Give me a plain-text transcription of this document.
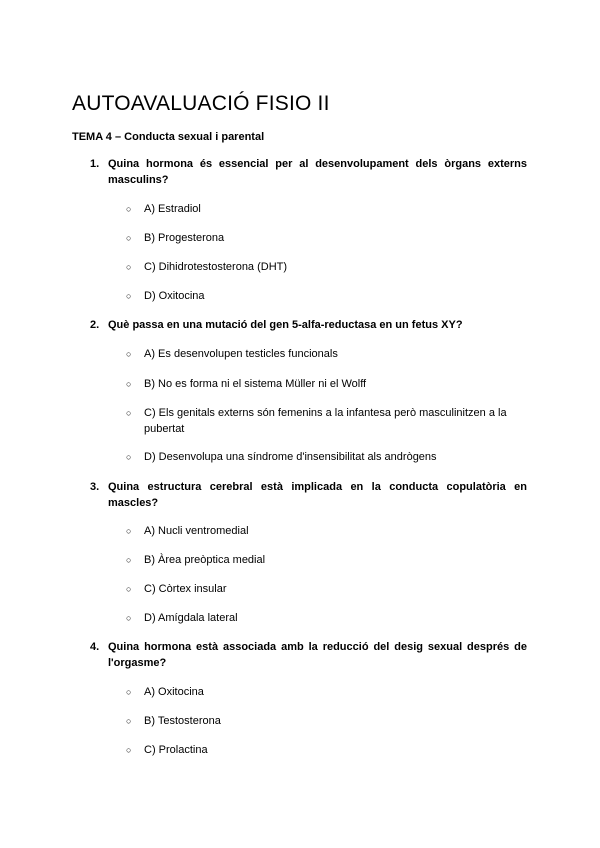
AUTOAVALUACIÓ FISIO II
TEMA 4 – Conducta sexual i parental
1. Quina hormona és essencial per al desenvolupament dels òrgans externs masculins?
○ A) Estradiol
○ B) Progesterona
○ C) Dihidrotestosterona (DHT)
○ D) Oxitocina
2. Què passa en una mutació del gen 5-alfa-reductasa en un fetus XY?
○ A) Es desenvolupen testicles funcionals
○ B) No es forma ni el sistema Müller ni el Wolff
○ C) Els genitals externs són femenins a la infantesa però masculinitzen a la pubertat
○ D) Desenvolupa una síndrome d'insensibilitat als andrògens
3. Quina estructura cerebral està implicada en la conducta copulatòria en mascles?
○ A) Nucli ventromedial
○ B) Àrea preòptica medial
○ C) Còrtex insular
○ D) Amígdala lateral
4. Quina hormona està associada amb la reducció del desig sexual després de l'orgasme?
○ A) Oxitocina
○ B) Testosterona
○ C) Prolactina
